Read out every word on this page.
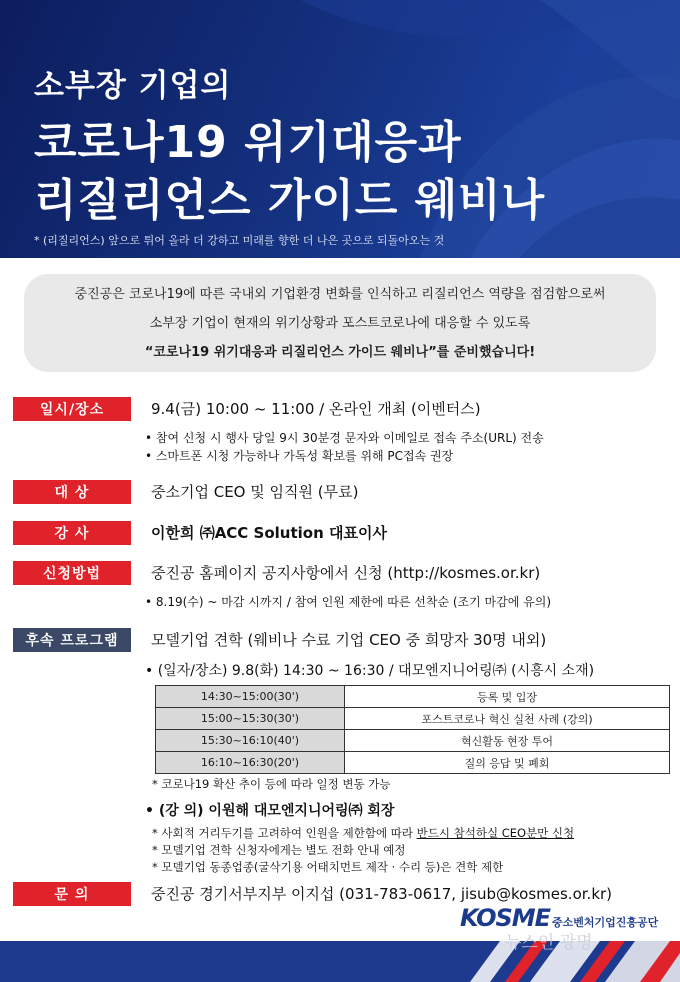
소부장 기업의
코로나19 위기대응과
리질리언스 가이드 웨비나
* (리질리언스) 앞으로 튀어 올라 더 강하고 미래를 향한 더 나은 곳으로 되돌아오는 것
중진공은 코로나19에 따른 국내외 기업환경 변화를 인식하고 리질리언스 역량을 점검함으로써
소부장 기업이 현재의 위기상황과 포스트코로나에 대응할 수 있도록
“코로나19 위기대응과 리질리언스 가이드 웨비나”를 준비했습니다!
일시/장소	9.4(금) 10:00 ~ 11:00 / 온라인 개최 (이벤터스)
• 참여 신청 시 행사 당일 9시 30분경 문자와 이메일로 접속 주소(URL) 전송
• 스마트폰 시청 가능하나 가독성 확보를 위해 PC접속 권장
대 상	중소기업 CEO 및 임직원 (무료)
강 사	이한희 ㈜ACC Solution 대표이사
신청방법	중진공 홈페이지 공지사항에서 신청 (http://kosmes.or.kr)
• 8.19(수) ~ 마감 시까지 / 참여 인원 제한에 따른 선착순 (조기 마감에 유의)
후속 프로그램	모델기업 견학 (웨비나 수료 기업 CEO 중 희망자 30명 내외)
• (일자/장소) 9.8(화) 14:30 ~ 16:30 / 대모엔지니어링㈜ (시흥시 소재)
14:30~15:00(30')	등록 및 입장
15:00~15:30(30')	포스트코로나 혁신 실천 사례 (강의)
15:30~16:10(40')	혁신활동 현장 투어
16:10~16:30(20')	질의 응답 및 폐회
* 코로나19 확산 추이 등에 따라 일정 변동 가능
• (강 의) 이원해 대모엔지니어링㈜ 회장
* 사회적 거리두기를 고려하여 인원을 제한함에 따라 반드시 참석하실 CEO분만 신청
* 모델기업 견학 신청자에게는 별도 전화 안내 예정
* 모델기업 동종업종(굴삭기용 어태치먼트 제작 · 수리 등)은 견학 제한
문 의	중진공 경기서부지부 이지섭 (031-783-0617, jisub@kosmes.or.kr)
KOSME 중소벤처기업진흥공단
뉴스인 광명
